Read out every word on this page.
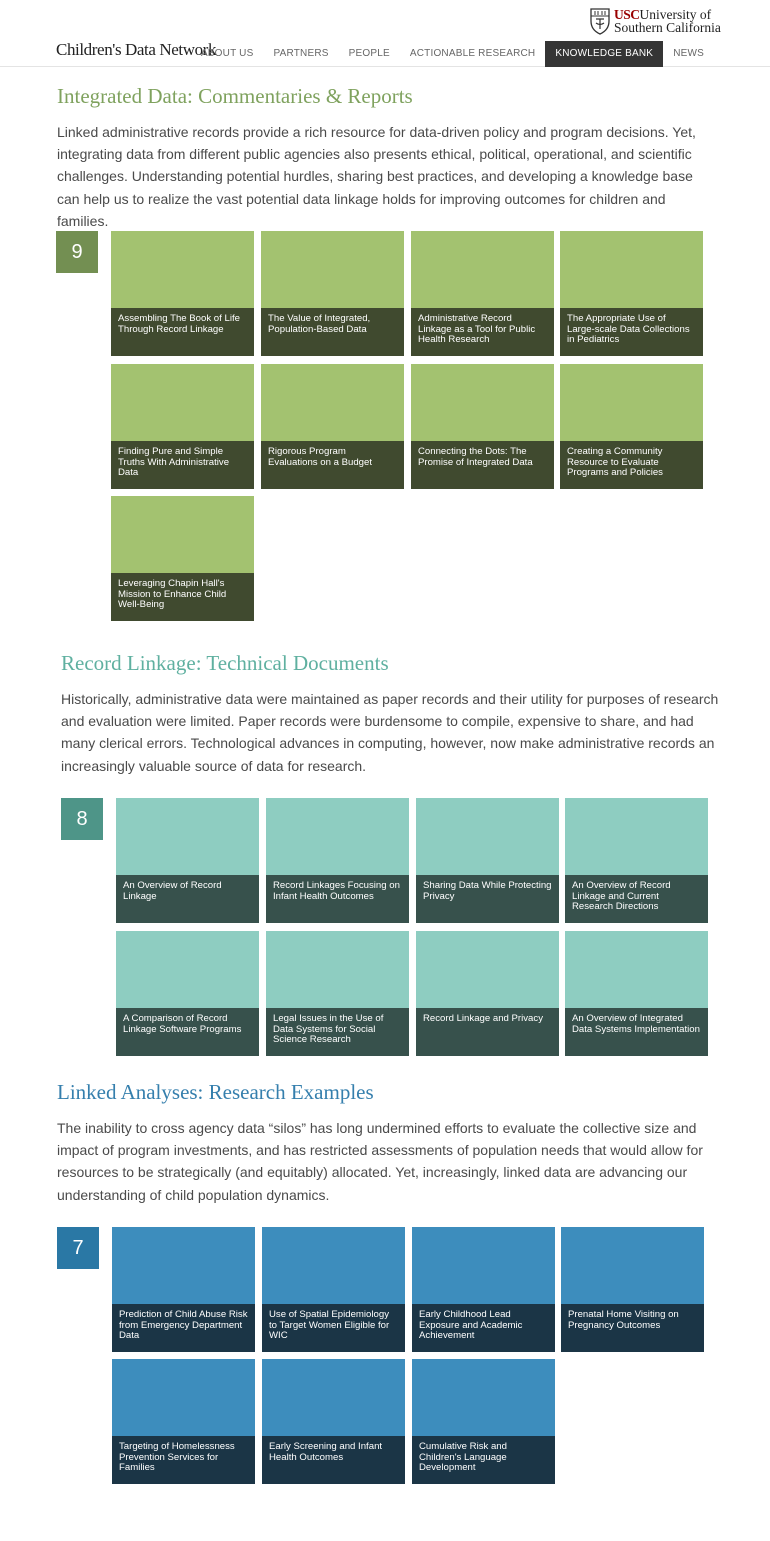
Children's Data Network
USCUniversity of
Southern California
ABOUT US	PARTNERS	PEOPLE	ACTIONABLE RESEARCH	KNOWLEDGE BANK	NEWS
Integrated Data: Commentaries & Reports
Linked administrative records provide a rich resource for data-driven policy and program decisions. Yet, integrating data from different public agencies also presents ethical, political, operational, and scientific challenges. Understanding potential hurdles, sharing best practices, and developing a knowledge base can help us to realize the vast potential data linkage holds for improving outcomes for children and families.
9
Assembling The Book of Life Through Record Linkage
The Value of Integrated, Population-Based Data
Administrative Record Linkage as a Tool for Public Health Research
The Appropriate Use of Large-scale Data Collections in Pediatrics
Finding Pure and Simple Truths With Administrative Data
Rigorous Program Evaluations on a Budget
Connecting the Dots: The Promise of Integrated Data
Creating a Community Resource to Evaluate Programs and Policies
Leveraging Chapin Hall's Mission to Enhance Child Well-Being
Record Linkage: Technical Documents
Historically, administrative data were maintained as paper records and their utility for purposes of research and evaluation were limited. Paper records were burdensome to compile, expensive to share, and had many clerical errors. Technological advances in computing, however, now make administrative records an increasingly valuable source of data for research.
8
An Overview of Record Linkage
Record Linkages Focusing on Infant Health Outcomes
Sharing Data While Protecting Privacy
An Overview of Record Linkage and Current Research Directions
A Comparison of Record Linkage Software Programs
Legal Issues in the Use of Data Systems for Social Science Research
Record Linkage and Privacy	An Overview of Integrated Data Systems Implementation
Linked Analyses: Research Examples
The inability to cross agency data “silos” has long undermined efforts to evaluate the collective size and impact of program investments, and has restricted assessments of population needs that would allow for resources to be strategically (and equitably) allocated. Yet, increasingly, linked data are advancing our understanding of child population dynamics.
7
Prediction of Child Abuse Risk from Emergency Department Data
Use of Spatial Epidemiology to Target Women Eligible for WIC
Early Childhood Lead Exposure and Academic Achievement
Prenatal Home Visiting on Pregnancy Outcomes
Targeting of Homelessness Prevention Services for Families
Early Screening and Infant Health Outcomes
Cumulative Risk and Children's Language Development
